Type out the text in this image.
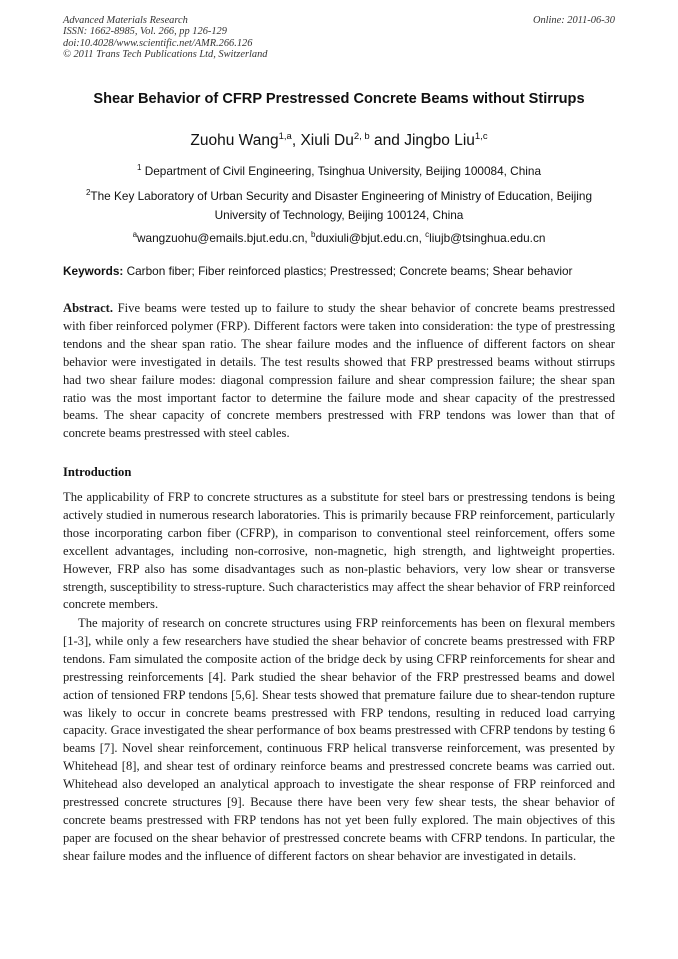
Advanced Materials Research
ISSN: 1662-8985, Vol. 266, pp 126-129
doi:10.4028/www.scientific.net/AMR.266.126
© 2011 Trans Tech Publications Ltd, Switzerland
Online: 2011-06-30
Shear Behavior of CFRP Prestressed Concrete Beams without Stirrups
Zuohu Wang$^{1,a}$, Xiuli Du$^{2, b}$ and Jingbo Liu$^{1,c}$
$^1$ Department of Civil Engineering, Tsinghua University, Beijing 100084, China
$^2$The Key Laboratory of Urban Security and Disaster Engineering of Ministry of Education, Beijing University of Technology, Beijing 100124, China
$^a$wangzuohu@emails.bjut.edu.cn, $^b$duxiuli@bjut.edu.cn, $^c$liujb@tsinghua.edu.cn
Keywords: Carbon fiber; Fiber reinforced plastics; Prestressed; Concrete beams; Shear behavior
Abstract. Five beams were tested up to failure to study the shear behavior of concrete beams prestressed with fiber reinforced polymer (FRP). Different factors were taken into consideration: the type of prestressing tendons and the shear span ratio. The shear failure modes and the influence of different factors on shear behavior were investigated in details. The test results showed that FRP prestressed beams without stirrups had two shear failure modes: diagonal compression failure and shear compression failure; the shear span ratio was the most important factor to determine the failure mode and shear capacity of the prestressed beams. The shear capacity of concrete members prestressed with FRP tendons was lower than that of concrete beams prestressed with steel cables.
Introduction
The applicability of FRP to concrete structures as a substitute for steel bars or prestressing tendons is being actively studied in numerous research laboratories. This is primarily because FRP reinforcement, particularly those incorporating carbon fiber (CFRP), in comparison to conventional steel reinforcement, offers some excellent advantages, including non-corrosive, non-magnetic, high strength, and lightweight properties. However, FRP also has some disadvantages such as non-plastic behaviors, very low shear or transverse strength, susceptibility to stress-rupture. Such characteristics may affect the shear behavior of FRP reinforced concrete members.
The majority of research on concrete structures using FRP reinforcements has been on flexural members [1-3], while only a few researchers have studied the shear behavior of concrete beams prestressed with FRP tendons. Fam simulated the composite action of the bridge deck by using CFRP reinforcements for shear and prestressing reinforcements [4]. Park studied the shear behavior of the FRP prestressed beams and dowel action of tensioned FRP tendons [5,6]. Shear tests showed that premature failure due to shear-tendon rupture was likely to occur in concrete beams prestressed with FRP tendons, resulting in reduced load carrying capacity. Grace investigated the shear performance of box beams prestressed with CFRP tendons by testing 6 beams [7]. Novel shear reinforcement, continuous FRP helical transverse reinforcement, was presented by Whitehead [8], and shear test of ordinary reinforce beams and prestressed concrete beams was carried out. Whitehead also developed an analytical approach to investigate the shear response of FRP reinforced and prestressed concrete structures [9]. Because there have been very few shear tests, the shear behavior of concrete beams prestressed with FRP tendons has not yet been fully explored. The main objectives of this paper are focused on the shear behavior of prestressed concrete beams with CFRP tendons. In particular, the shear failure modes and the influence of different factors on shear behavior are investigated in details.
